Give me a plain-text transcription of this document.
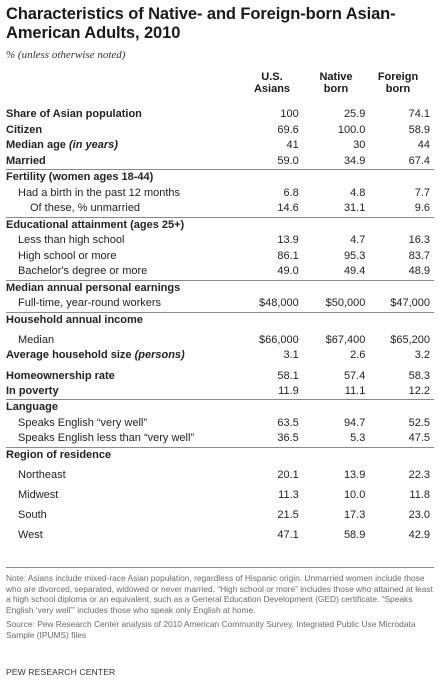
Characteristics of Native- and Foreign-born Asian-American Adults, 2010
% (unless otherwise noted)
U.S.
Asians
Native
born
Foreign
born
Share of Asian population	100	25.9	74.1
Citizen	69.6	100.0	58.9
Median age (in years)	41	30	44
Married	59.0	34.9	67.4
Fertility (women ages 18-44)			
Had a birth in the past 12 months	6.8	4.8	7.7
Of these, % unmarried	14.6	31.1	9.6
Educational attainment (ages 25+)			
Less than high school	13.9	4.7	16.3
High school or more	86.1	95.3	83.7
Bachelor's degree or more	49.0	49.4	48.9
Median annual personal earnings			
Full-time, year-round workers	$48,000	$50,000	$47,000
Household annual income			
Median	$66,000	$67,400	$65,200
Average household size (persons)	3.1	2.6	3.2
Homeownership rate	58.1	57.4	58.3
In poverty	11.9	11.1	12.2
Language			
Speaks English “very well”	63.5	94.7	52.5
Speaks English less than “very well”	36.5	5.3	47.5
Region of residence			
Northeast	20.1	13.9	22.3
Midwest	11.3	10.0	11.8
South	21.5	17.3	23.0
West	47.1	58.9	42.9
Note: Asians include mixed-race Asian population, regardless of Hispanic origin. Unmarried women include those who are divorced, separated, widowed or never married. “High school or more” includes those who attained at least a high school diploma or an equivalent, such as a General Education Development (GED) certificate. “Speaks English ‘very well’” includes those who speak only English at home.
Source: Pew Research Center analysis of 2010 American Community Survey, Integrated Public Use Microdata Sample (IPUMS) files
PEW RESEARCH CENTER
